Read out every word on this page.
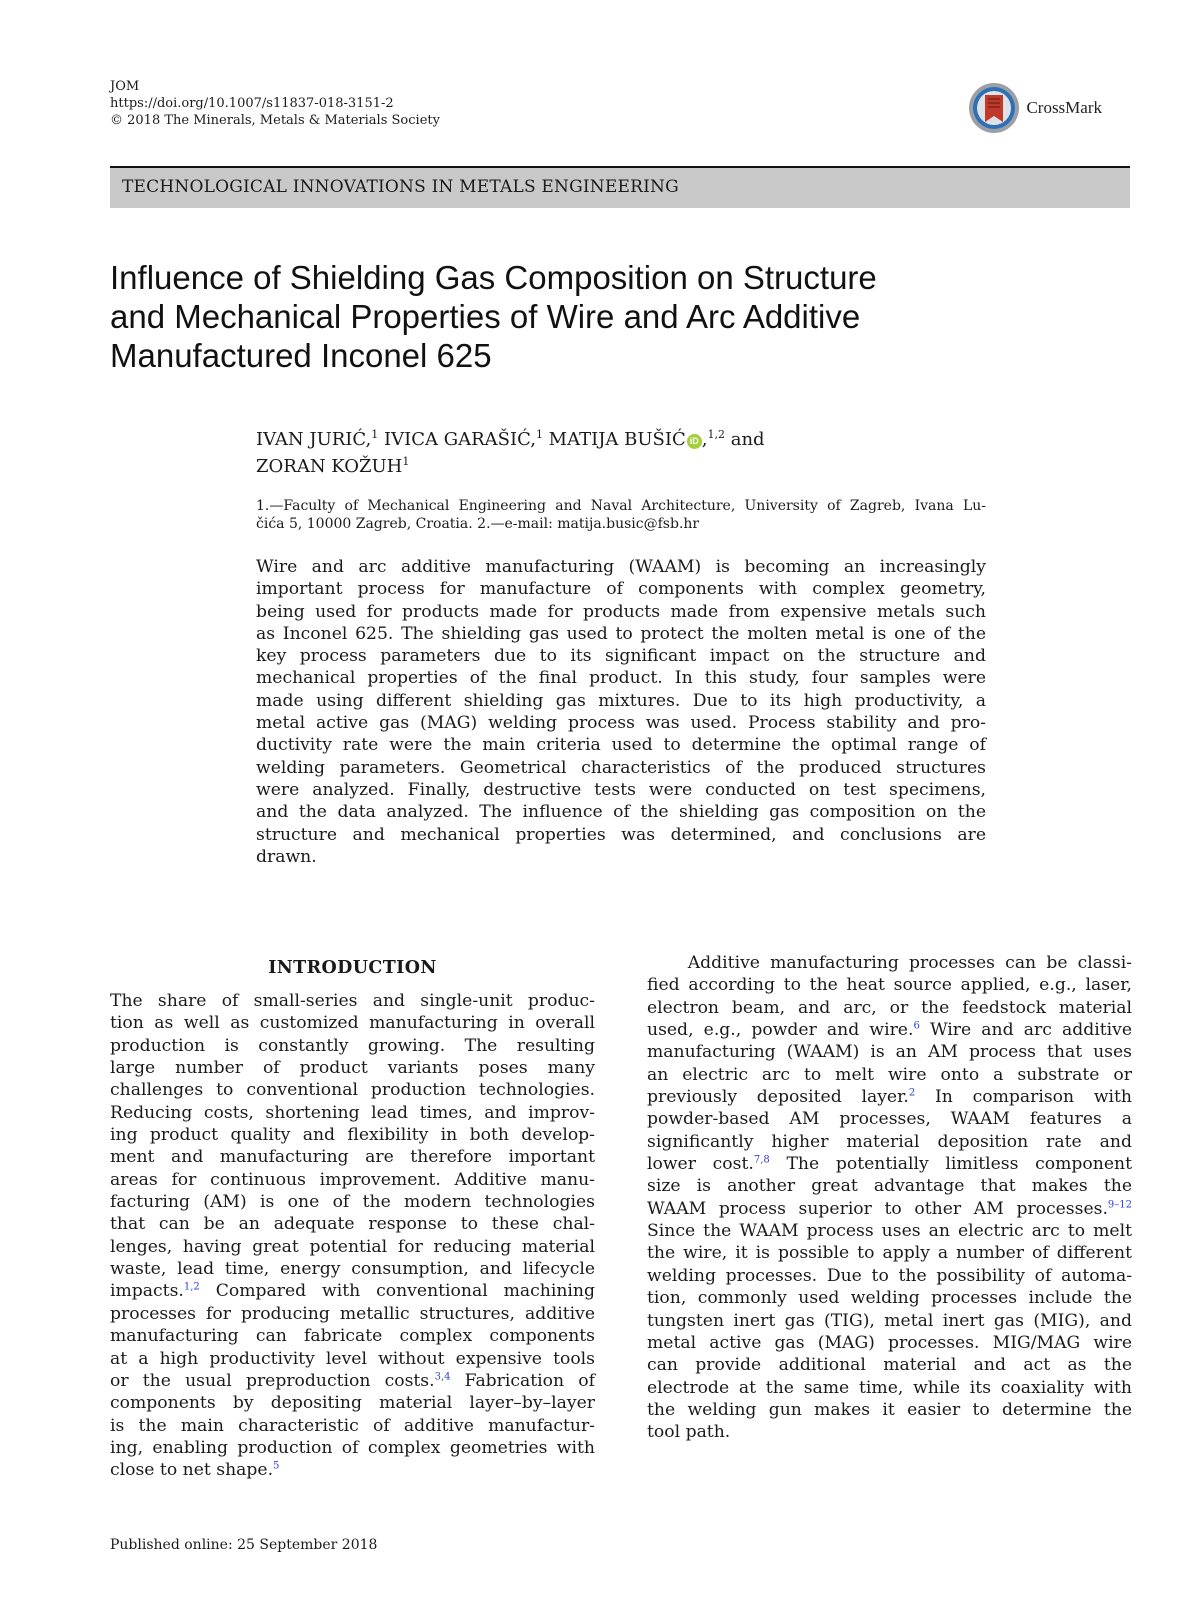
JOM
https://doi.org/10.1007/s11837-018-3151-2
© 2018 The Minerals, Metals & Materials Society
CrossMark
TECHNOLOGICAL INNOVATIONS IN METALS ENGINEERING
Influence of Shielding Gas Composition on Structure
and Mechanical Properties of Wire and Arc Additive
Manufactured Inconel 625
IVAN JURIĆ,$^1$ IVICA GARAŠIĆ,$^1$ MATIJA BUŠIĆ iD ,$^{1,2}$ and
ZORAN KOŽUH$^1$
1.—Faculty of Mechanical Engineering and Naval Architecture, University of Zagreb, Ivana Lu-
čića 5, 10000 Zagreb, Croatia. 2.—e-mail: matija.busic@fsb.hr
Wire and arc additive manufacturing (WAAM) is becoming an increasingly
important process for manufacture of components with complex geometry,
being used for products made for products made from expensive metals such
as Inconel 625. The shielding gas used to protect the molten metal is one of the
key process parameters due to its significant impact on the structure and
mechanical properties of the final product. In this study, four samples were
made using different shielding gas mixtures. Due to its high productivity, a
metal active gas (MAG) welding process was used. Process stability and pro-
ductivity rate were the main criteria used to determine the optimal range of
welding parameters. Geometrical characteristics of the produced structures
were analyzed. Finally, destructive tests were conducted on test specimens,
and the data analyzed. The influence of the shielding gas composition on the
structure and mechanical properties was determined, and conclusions are
drawn.
INTRODUCTION
The share of small-series and single-unit produc-
tion as well as customized manufacturing in overall
production is constantly growing. The resulting
large number of product variants poses many
challenges to conventional production technologies.
Reducing costs, shortening lead times, and improv-
ing product quality and flexibility in both develop-
ment and manufacturing are therefore important
areas for continuous improvement. Additive manu-
facturing (AM) is one of the modern technologies
that can be an adequate response to these chal-
lenges, having great potential for reducing material
waste, lead time, energy consumption, and lifecycle
impacts.$^{1,2}$ Compared with conventional machining
processes for producing metallic structures, additive
manufacturing can fabricate complex components
at a high productivity level without expensive tools
or the usual preproduction costs.$^{3,4}$ Fabrication of
components by depositing material layer–by–layer
is the main characteristic of additive manufactur-
ing, enabling production of complex geometries with
close to net shape.$^5$
Additive manufacturing processes can be classi-
fied according to the heat source applied, e.g., laser,
electron beam, and arc, or the feedstock material
used, e.g., powder and wire.$^6$ Wire and arc additive
manufacturing (WAAM) is an AM process that uses
an electric arc to melt wire onto a substrate or
previously deposited layer.$^2$ In comparison with
powder-based AM processes, WAAM features a
significantly higher material deposition rate and
lower cost.$^{7,8}$ The potentially limitless component
size is another great advantage that makes the
WAAM process superior to other AM processes.$^{9-12}$
Since the WAAM process uses an electric arc to melt
the wire, it is possible to apply a number of different
welding processes. Due to the possibility of automa-
tion, commonly used welding processes include the
tungsten inert gas (TIG), metal inert gas (MIG), and
metal active gas (MAG) processes. MIG/MAG wire
can provide additional material and act as the
electrode at the same time, while its coaxiality with
the welding gun makes it easier to determine the
tool path.
Published online: 25 September 2018
